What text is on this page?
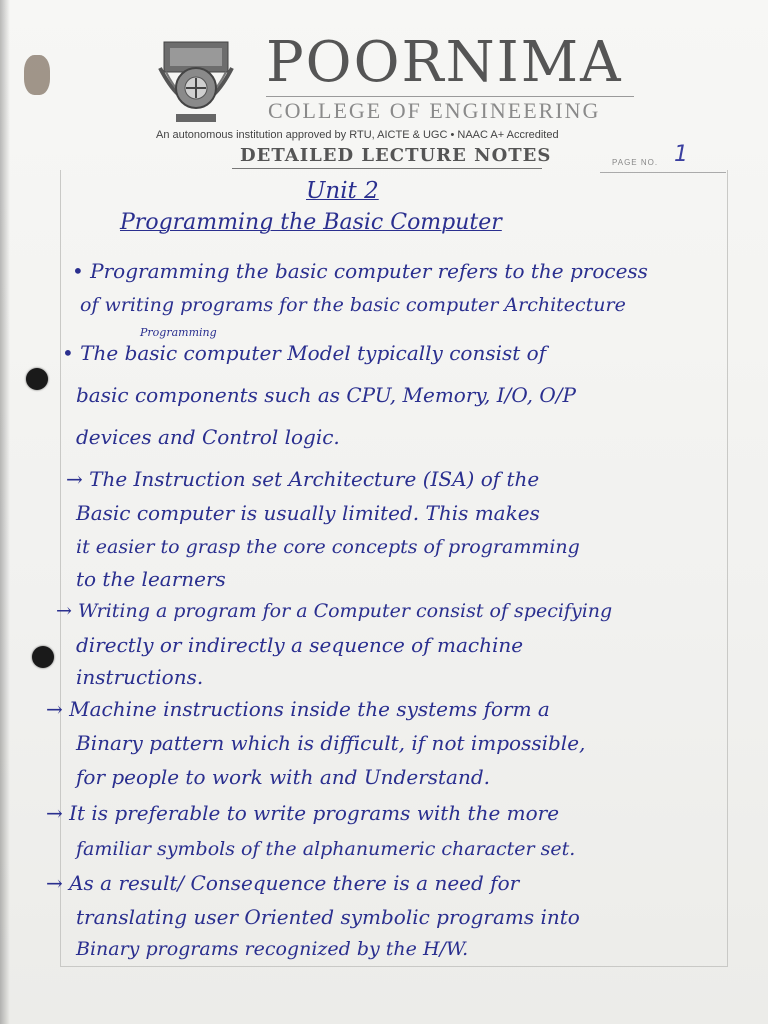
POORNIMA
COLLEGE OF ENGINEERING
An autonomous institution approved by RTU, AICTE & UGC • NAAC A+ Accredited
DETAILED LECTURE NOTES	PAGE NO. 1
Unit 2
Programming the Basic Computer
• Programming the basic computer refers to the process
of writing programs for the basic computer Architecture
Programming
• The basic computer Model typically consist of
basic components such as CPU, Memory, I/O, O/P
devices and Control logic.
→ The Instruction set Architecture (ISA) of the
Basic computer is usually limited. This makes
it easier to grasp the core concepts of programming
to the learners
→ Writing a program for a Computer consist of specifying
directly or indirectly a sequence of machine
instructions.
→ Machine instructions inside the systems form a
Binary pattern which is difficult, if not impossible,
for people to work with and Understand.
→ It is preferable to write programs with the more
familiar symbols of the alphanumeric character set.
→ As a result/ Consequence there is a need for
translating user Oriented symbolic programs into
Binary programs recognized by the H/W.
